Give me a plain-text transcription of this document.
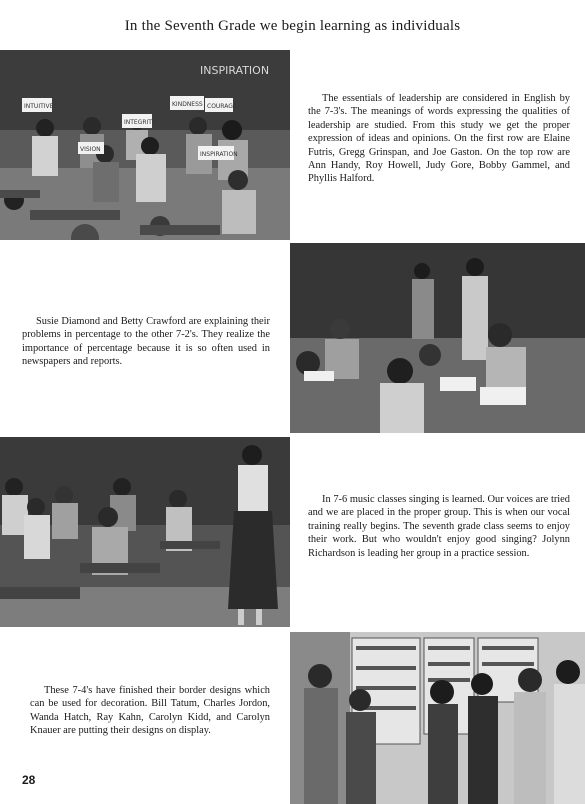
In the Seventh Grade we begin learning as individuals
INSPIRATION
INTUITIVE
VISION
KINDNESS COURAGE
INTEGRITY
INSPIRATION

The essentials of leadership are considered in English by the 7-3's. The meanings of words expressing the qualities of leadership are studied. From this study we get the proper expression of ideas and opinions. On the first row are Elaine Futris, Gregg Grinspan, and Joe Gaston. On the top row are Ann Handy, Roy Howell, Judy Gore, Bobby Gammel, and Phyllis Halford.

Susie Diamond and Betty Crawford are explaining their problems in percentage to the other 7-2's. They realize the importance of percentage because it is so often used in newspapers and reports.

In 7-6 music classes singing is learned. Our voices are tried and we are placed in the proper group. This is when our vocal training really begins. The seventh grade class seems to enjoy their work. But who wouldn't enjoy good singing? Jolynn Richardson is leading her group in a practice session.

These 7-4's have finished their border designs which can be used for decoration. Bill Tatum, Charles Jordon, Wanda Hatch, Ray Kahn, Carolyn Kidd, and Carolyn Knauer are putting their designs on display.

28
